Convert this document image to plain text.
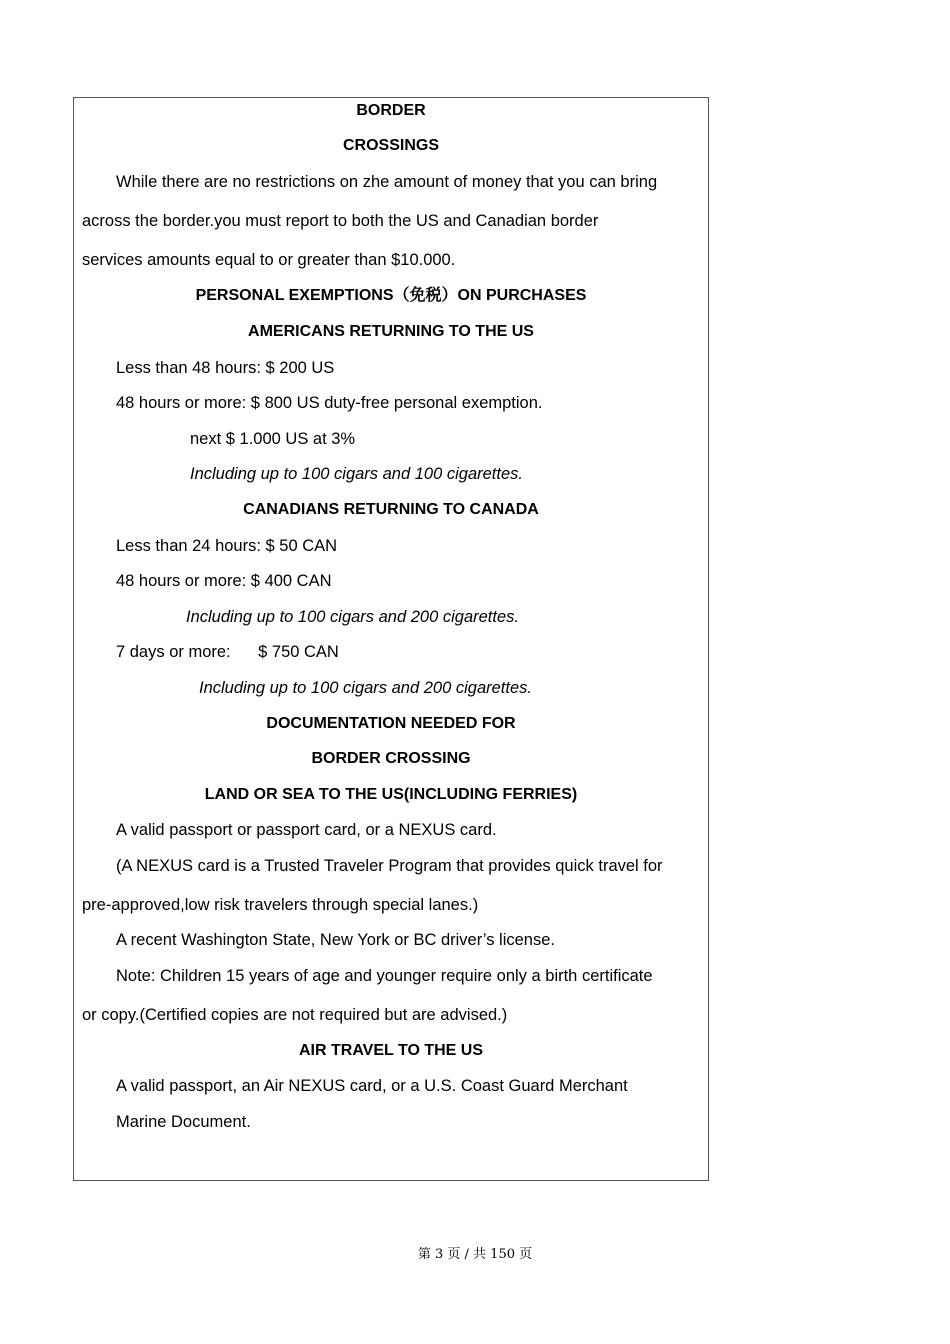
BORDER
CROSSINGS
While there are no restrictions on zhe amount of money that you can bring
across the border.you must report to both the US and Canadian border
services amounts equal to or greater than $10.000.
PERSONAL EXEMPTIONS（免税）ON PURCHASES
AMERICANS RETURNING TO THE US
Less than 48 hours: $ 200 US
48 hours or more: $ 800 US duty-free personal exemption.
next $ 1.000 US at 3%
Including up to 100 cigars and 100 cigarettes.
CANADIANS RETURNING TO CANADA
Less than 24 hours: $ 50 CAN
48 hours or more: $ 400 CAN
Including up to 100 cigars and 200 cigarettes.
7 days or more:      $ 750 CAN
Including up to 100 cigars and 200 cigarettes.
DOCUMENTATION NEEDED FOR
BORDER CROSSING
LAND OR SEA TO THE US(INCLUDING FERRIES)
A valid passport or passport card, or a NEXUS card.
(A NEXUS card is a Trusted Traveler Program that provides quick travel for
pre-approved,low risk travelers through special lanes.)
A recent Washington State, New York or BC driver’s license.
Note: Children 15 years of age and younger require only a birth certificate
or copy.(Certified copies are not required but are advised.)
AIR TRAVEL TO THE US
A valid passport, an Air NEXUS card, or a U.S. Coast Guard Merchant
Marine Document.
第 3 页 / 共 150 页
